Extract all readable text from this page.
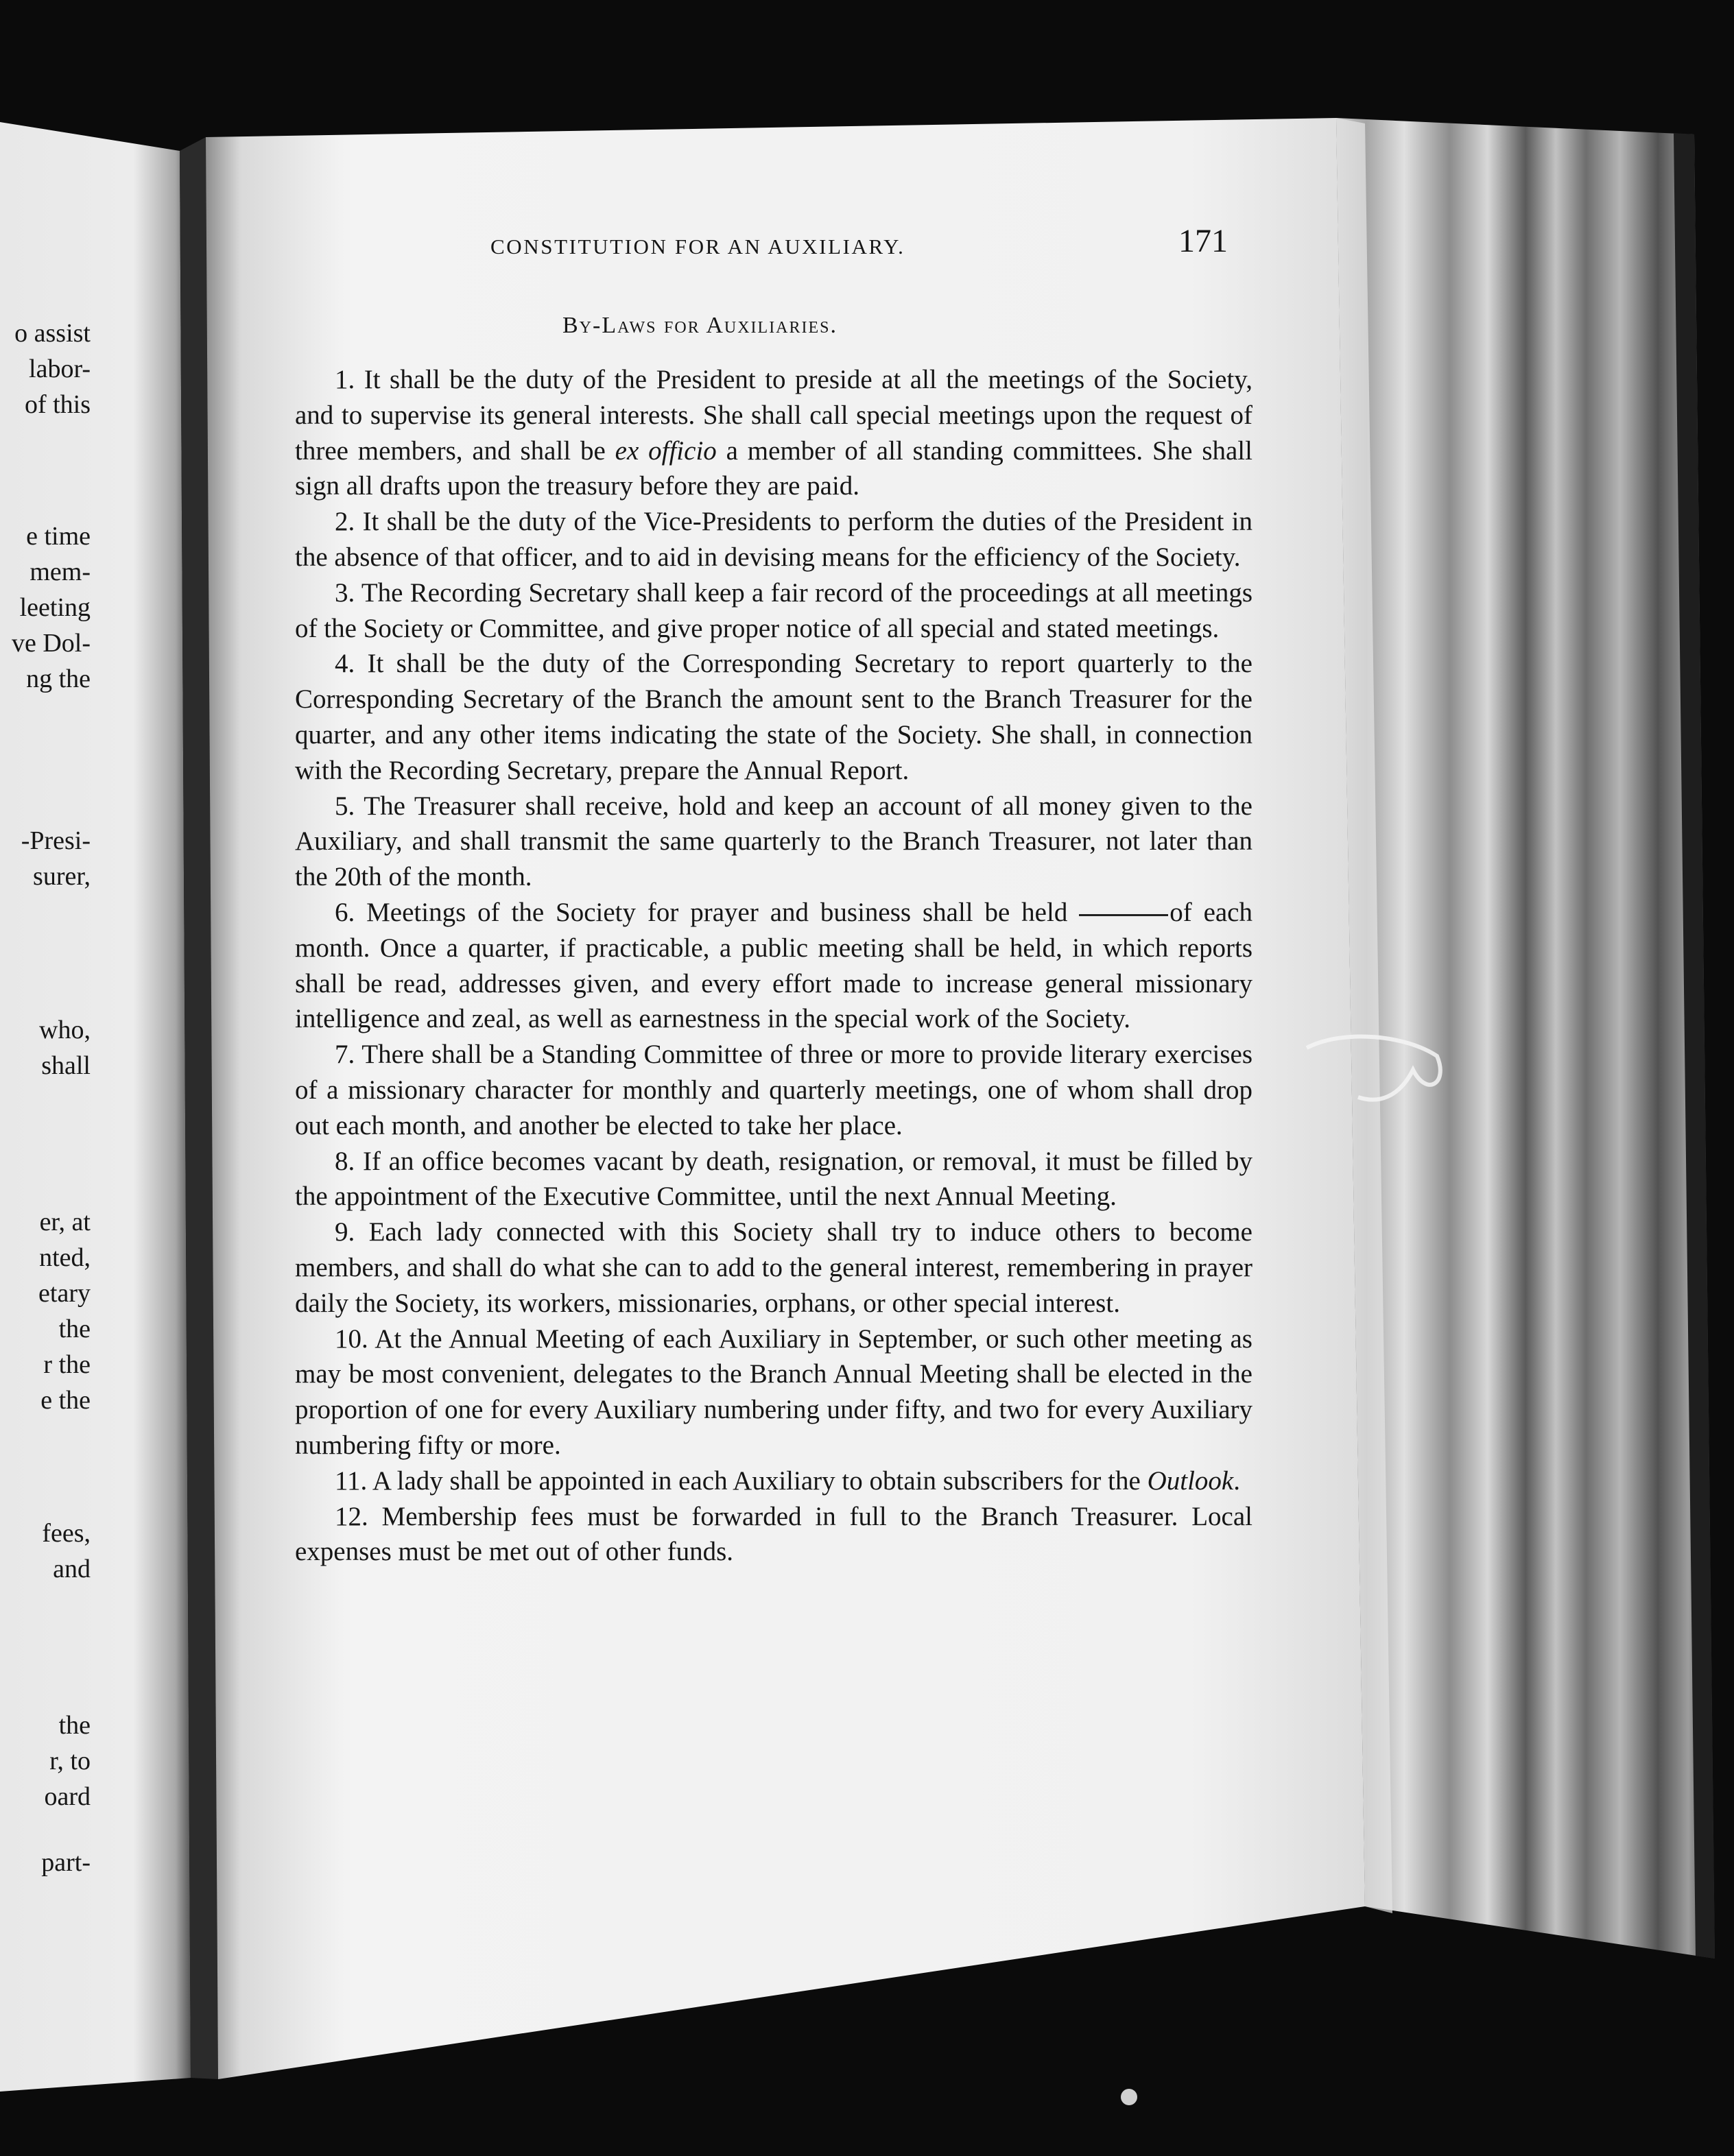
o assist
labor-
of this
e time
mem-
leeting
ve Dol-
ng the
-Presi-
surer,
who,
shall
er, at
nted,
etary
the
r the
e the
fees,
and
the
r, to
oard
part-
CONSTITUTION FOR AN AUXILIARY.	171
By-Laws for Auxiliaries.

1. It shall be the duty of the President to preside at all the meetings of the Society, and to supervise its general interests. She shall call special meetings upon the request of three members, and shall be ex officio a member of all standing committees. She shall sign all drafts upon the treasury before they are paid.

2. It shall be the duty of the Vice-Presidents to perform the duties of the President in the absence of that officer, and to aid in devising means for the efficiency of the Society.

3. The Recording Secretary shall keep a fair record of the proceedings at all meetings of the Society or Committee, and give proper notice of all special and stated meetings.

4. It shall be the duty of the Corresponding Secretary to report quarterly to the Corresponding Secretary of the Branch the amount sent to the Branch Treasurer for the quarter, and any other items indicating the state of the Society. She shall, in connection with the Recording Secretary, prepare the Annual Report.

5. The Treasurer shall receive, hold and keep an account of all money given to the Auxiliary, and shall transmit the same quarterly to the Branch Treasurer, not later than the 20th of the month.

6. Meetings of the Society for prayer and business shall be held	of each month. Once a quarter, if practicable, a public meeting shall be held, in which reports shall be read, addresses given, and every effort made to increase general missionary intelligence and zeal, as well as earnestness in the special work of the Society.

7. There shall be a Standing Committee of three or more to provide literary exercises of a missionary character for monthly and quarterly meetings, one of whom shall drop out each month, and another be elected to take her place.

8. If an office becomes vacant by death, resignation, or removal, it must be filled by the appointment of the Executive Committee, until the next Annual Meeting.

9. Each lady connected with this Society shall try to induce others to become members, and shall do what she can to add to the general interest, remembering in prayer daily the Society, its workers, missionaries, orphans, or other special interest.

10. At the Annual Meeting of each Auxiliary in September, or such other meeting as may be most convenient, delegates to the Branch Annual Meeting shall be elected in the proportion of one for every Auxiliary numbering under fifty, and two for every Auxiliary numbering fifty or more.

11. A lady shall be appointed in each Auxiliary to obtain subscribers for the Outlook.

12. Membership fees must be forwarded in full to the Branch Treasurer. Local expenses must be met out of other funds.
